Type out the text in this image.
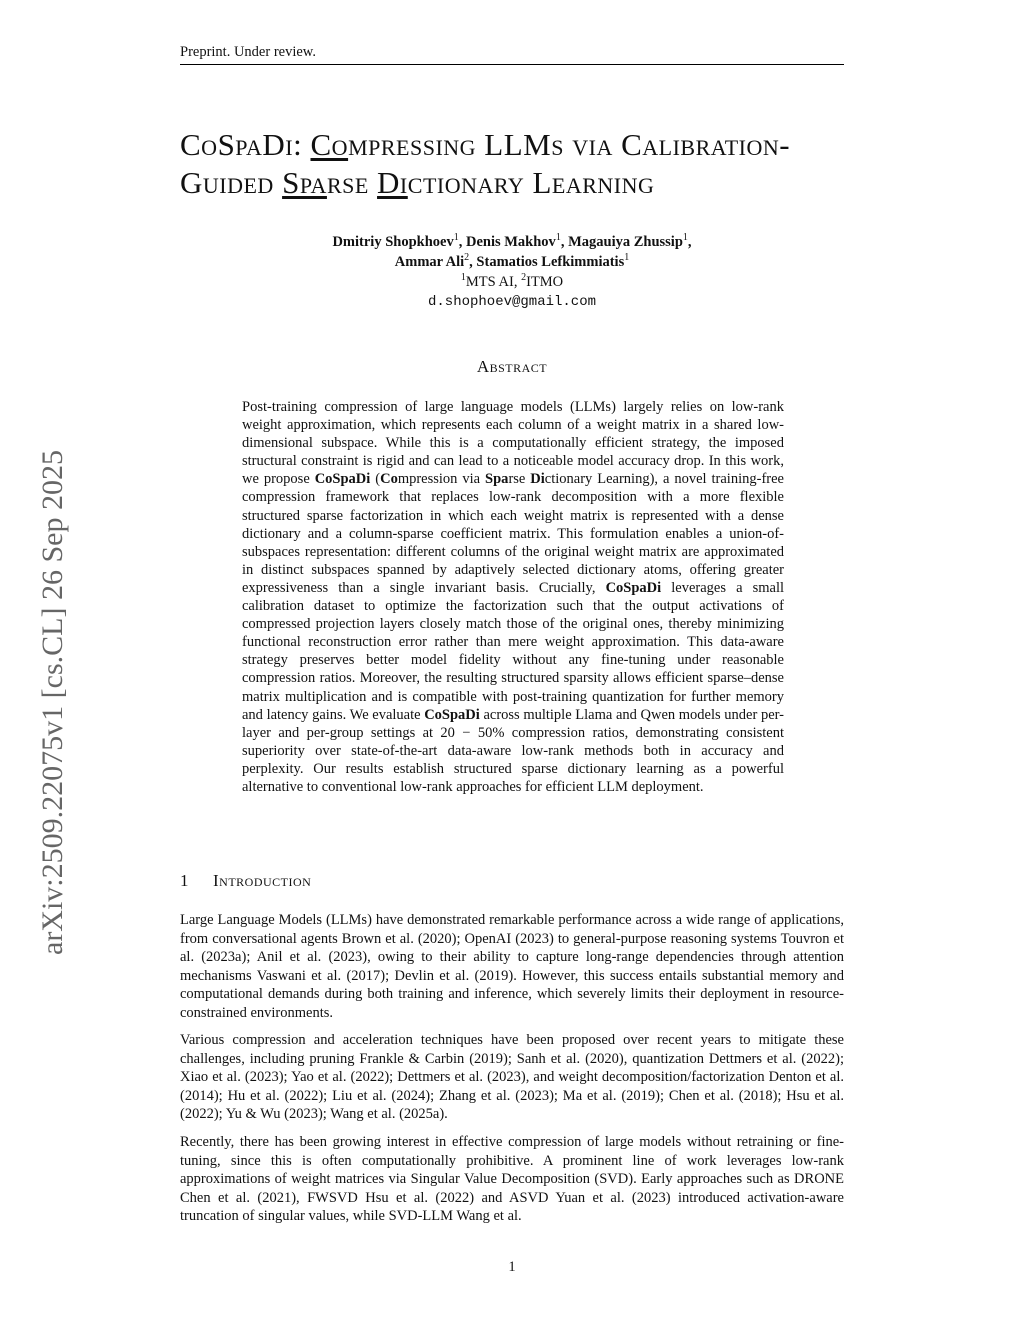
Preprint. Under review.
arXiv:2509.22075v1 [cs.CL] 26 Sep 2025
CoSpaDi: Compressing LLMs via Calibration-Guided Sparse Dictionary Learning
Dmitriy Shopkhoev$^1$, Denis Makhov$^1$, Magauiya Zhussip$^1$,
Ammar Ali$^2$, Stamatios Lefkimmiatis$^1$
$^1$MTS AI, $^2$ITMO
d.shophoev@gmail.com
Abstract
Post-training compression of large language models (LLMs) largely relies on low-rank weight approximation, which represents each column of a weight matrix in a shared low-dimensional subspace. While this is a computationally efficient strategy, the imposed structural constraint is rigid and can lead to a noticeable model accuracy drop. In this work, we propose CoSpaDi (Compression via Sparse Dictionary Learning), a novel training-free compression framework that replaces low-rank decomposition with a more flexible structured sparse factorization in which each weight matrix is represented with a dense dictionary and a column-sparse coefficient matrix. This formulation enables a union-of-subspaces representation: different columns of the original weight matrix are approximated in distinct subspaces spanned by adaptively selected dictionary atoms, offering greater expressiveness than a single invariant basis. Crucially, CoSpaDi leverages a small calibration dataset to optimize the factorization such that the output activations of compressed projection layers closely match those of the original ones, thereby minimizing functional reconstruction error rather than mere weight approximation. This data-aware strategy preserves better model fidelity without any fine-tuning under reasonable compression ratios. Moreover, the resulting structured sparsity allows efficient sparse–dense matrix multiplication and is compatible with post-training quantization for further memory and latency gains. We evaluate CoSpaDi across multiple Llama and Qwen models under per-layer and per-group settings at 20 − 50% compression ratios, demonstrating consistent superiority over state-of-the-art data-aware low-rank methods both in accuracy and perplexity. Our results establish structured sparse dictionary learning as a powerful alternative to conventional low-rank approaches for efficient LLM deployment.
1 Introduction

Large Language Models (LLMs) have demonstrated remarkable performance across a wide range of applications, from conversational agents Brown et al. (2020); OpenAI (2023) to general-purpose reasoning systems Touvron et al. (2023a); Anil et al. (2023), owing to their ability to capture long-range dependencies through attention mechanisms Vaswani et al. (2017); Devlin et al. (2019). However, this success entails substantial memory and computational demands during both training and inference, which severely limits their deployment in resource-constrained environments.

Various compression and acceleration techniques have been proposed over recent years to mitigate these challenges, including pruning Frankle & Carbin (2019); Sanh et al. (2020), quantization Dettmers et al. (2022); Xiao et al. (2023); Yao et al. (2022); Dettmers et al. (2023), and weight decomposition/factorization Denton et al. (2014); Hu et al. (2022); Liu et al. (2024); Zhang et al. (2023); Ma et al. (2019); Chen et al. (2018); Hsu et al. (2022); Yu & Wu (2023); Wang et al. (2025a).

Recently, there has been growing interest in effective compression of large models without retraining or fine-tuning, since this is often computationally prohibitive. A prominent line of work leverages low-rank approximations of weight matrices via Singular Value Decomposition (SVD). Early approaches such as DRONE Chen et al. (2021), FWSVD Hsu et al. (2022) and ASVD Yuan et al. (2023) introduced activation-aware truncation of singular values, while SVD-LLM Wang et al.

1
